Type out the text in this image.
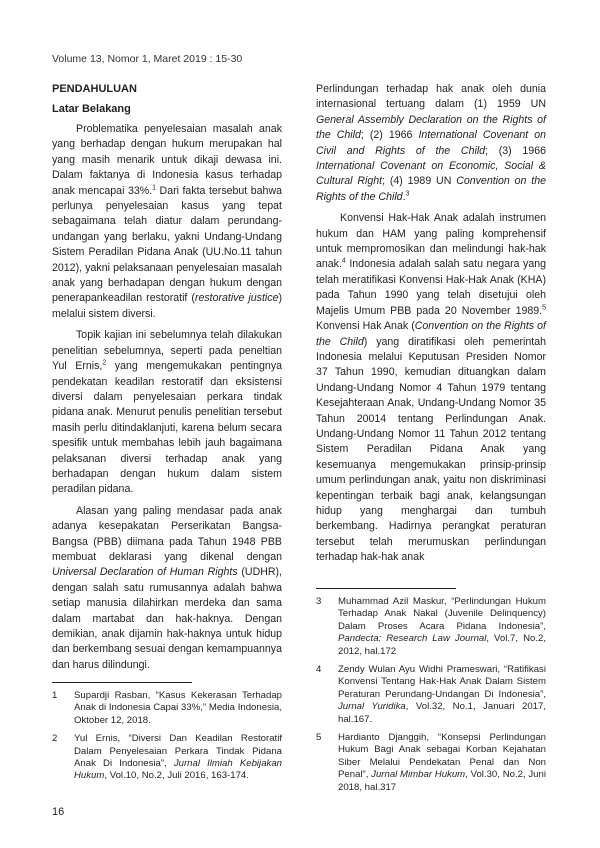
Volume 13, Nomor 1, Maret 2019 : 15-30
PENDAHULUAN
Latar Belakang

Problematika penyelesaian masalah anak yang berhadap dengan hukum merupakan hal yang masih menarik untuk dikaji dewasa ini. Dalam faktanya di Indonesia kasus terhadap anak mencapai 33%.$^1$ Dari fakta tersebut bahwa perlunya penyelesaian kasus yang tepat sebagaimana telah diatur dalam perundang-undangan yang berlaku, yakni Undang-Undang Sistem Peradilan Pidana Anak (UU.No.11 tahun 2012), yakni pelaksanaan penyelesaian masalah anak yang berhadapan dengan hukum dengan penerapankeadilan restoratif (restorative justice) melalui sistem diversi.

Topik kajian ini sebelumnya telah dilakukan penelitian sebelumnya, seperti pada peneltian Yul Ernis,$^2$ yang mengemukakan pentingnya pendekatan keadilan restoratif dan eksistensi diversi dalam penyelesaian perkara tindak pidana anak. Menurut penulis penelitian tersebut masih perlu ditindaklanjuti, karena belum secara spesifik untuk membahas lebih jauh bagaimana pelaksanan diversi terhadap anak yang berhadapan dengan hukum dalam sistem peradilan pidana.

Alasan yang paling mendasar pada anak adanya kesepakatan Perserikatan Bangsa-Bangsa (PBB) diimana pada Tahun 1948 PBB membuat deklarasi yang dikenal dengan Universal Declaration of Human Rights (UDHR), dengan salah satu rumusannya adalah bahwa setiap manusia dilahirkan merdeka dan sama dalam martabat dan hak-haknya. Dengan demikian, anak dijamin hak-haknya untuk hidup dan berkembang sesuai dengan kemampuannya dan harus dilindungi.

Perlindungan terhadap hak anak oleh dunia internasional tertuang dalam (1) 1959 UN General Assembly Declaration on the Rights of the Child; (2) 1966 International Covenant on Civil and Rights of the Child; (3) 1966 International Covenant on Economic, Social & Cultural Right; (4) 1989 UN Convention on the Rights of the Child.$^3$

Konvensi Hak-Hak Anak adalah instrumen hukum dan HAM yang paling komprehensif untuk mempromosikan dan melindungi hak-hak anak.$^4$ Indonesia adalah salah satu negara yang telah meratifikasi Konvensi Hak-Hak Anak (KHA) pada Tahun 1990 yang telah disetujui oleh Majelis Umum PBB pada 20 November 1989.$^5$ Konvensi Hak Anak (Convention on the Rights of the Child) yang diratifikasi oleh pemerintah Indonesia melalui Keputusan Presiden Nomor 37 Tahun 1990, kemudian dituangkan dalam Undang-Undang Nomor 4 Tahun 1979 tentang Kesejahteraan Anak, Undang-Undang Nomor 35 Tahun 20014 tentang Perlindungan Anak. Undang-Undang Nomor 11 Tahun 2012 tentang Sistem Peradilan Pidana Anak yang kesemuanya mengemukakan prinsip-prinsip umum perlindungan anak, yaitu non diskriminasi kepentingan terbaik bagi anak, kelangsungan hidup yang menghargai dan tumbuh berkembang. Hadirnya perangkat peraturan tersebut telah merumuskan perlindungan terhadap hak-hak anak

3	Muhammad Azil Maskur, “Perlindungan Hukum Terhadap Anak Nakal (Juvenile Delinquency) Dalam Proses Acara Pidana Indonesia”, Pandecta: Research Law Journal, Vol.7, No.2, 2012, hal.172
4	Zendy Wulan Ayu Widhi Prameswari, “Ratifikasi Konvensi Tentang Hak-Hak Anak Dalam Sistem Peraturan Perundang-Undangan Di Indonesia”, Jurnal Yuridika, Vol.32, No.1, Januari 2017, hal.167.
5	Hardianto Djanggih, “Konsepsi Perlindungan Hukum Bagi Anak sebagai Korban Kejahatan Siber Melalui Pendekatan Penal dan Non Penal”, Jurnal Mimbar Hukum, Vol.30, No.2, Juni 2018, hal.317
1	Supardji Rasban, “Kasus Kekerasan Terhadap Anak di Indonesia Capai 33%,” Media Indonesia, Oktober 12, 2018.
2	Yul Ernis, “Diversi Dan Keadilan Restoratif Dalam Penyelesaian Perkara Tindak Pidana Anak Di Indonesia”, Jurnal Ilmiah Kebijakan Hukum, Vol.10, No.2, Juli 2016, 163-174.
16
